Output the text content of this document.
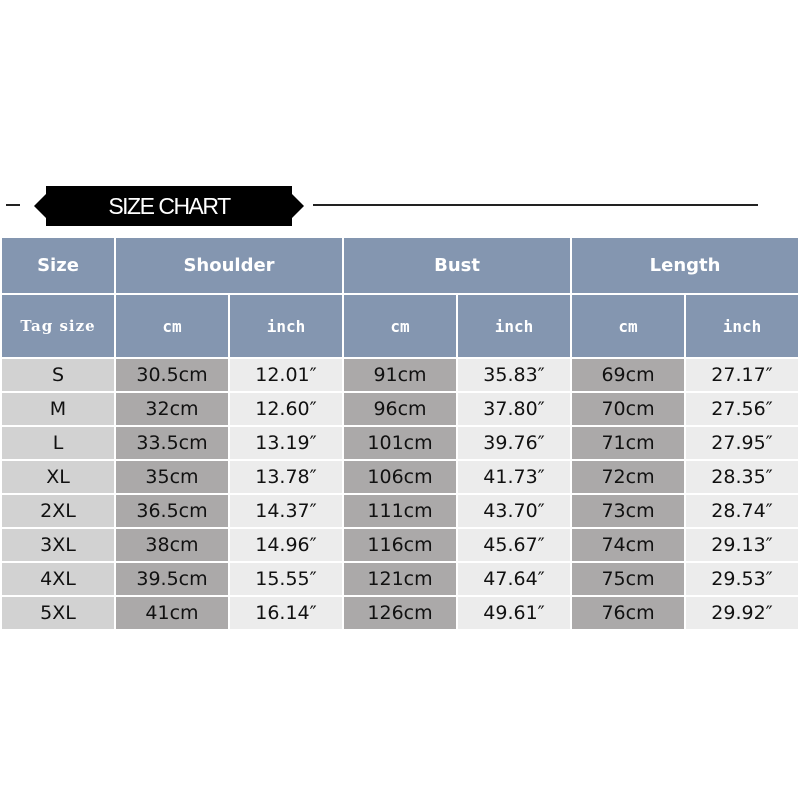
SIZE CHART
Size	Shoulder		Bust		Length	
Tag size	cm	inch	cm	inch	cm	inch
S	30.5cm	12.01″	91cm	35.83″	69cm	27.17″
M	32cm	12.60″	96cm	37.80″	70cm	27.56″
L	33.5cm	13.19″	101cm	39.76″	71cm	27.95″
XL	35cm	13.78″	106cm	41.73″	72cm	28.35″
2XL	36.5cm	14.37″	111cm	43.70″	73cm	28.74″
3XL	38cm	14.96″	116cm	45.67″	74cm	29.13″
4XL	39.5cm	15.55″	121cm	47.64″	75cm	29.53″
5XL	41cm	16.14″	126cm	49.61″	76cm	29.92″
